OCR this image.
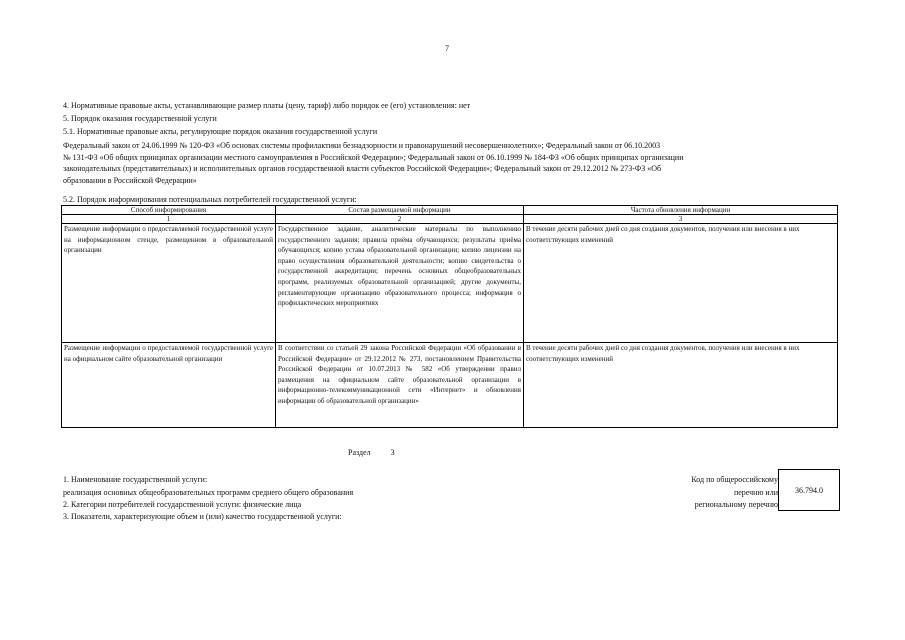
7
4. Нормативные правовые акты, устанавливающие размер платы (цену, тариф) либо порядок ее (его) установления: нет
5. Порядок оказания государственной услуги
5.1. Нормативные правовые акты, регулирующие порядок оказания государственной услуги
Федеральный закон от 24.06.1999 № 120-ФЗ «Об основах системы профилактики безнадзорности и правонарушений несовершеннолетних»; Федеральный закон от 06.10.2003
№ 131-ФЗ «Об общих принципах организации местного самоуправления в Российской Федерации»; Федеральный закон от 06.10.1999 № 184-ФЗ «Об общих принципах организации
законодательных (представительных) и исполнительных органов государственной власти субъектов Российской Федерации»; Федеральный закон от 29.12.2012 № 273-ФЗ «Об
образовании в Российской Федерации»
5.2. Порядок информирования потенциальных потребителей государственной услуги:
Способ информирования	Состав размещаемой информации	Частота обновления информации
1	2	3
Размещение информации о предоставляемой государственной услуге на информационном стенде, размещенном в образовательной организации	Государственное задание, аналитические материалы по выполнению государственного задания; правила приёма обучающихся; результаты приёма обучающихся; копию устава образовательной организации; копию лицензии на право осуществления образовательной деятельности; копию свидетельства о государственной аккредитации; перечень основных общеобразовательных программ, реализуемых образовательной организацией; другие документы, регламентирующие организацию образовательного процесса; информация о профилактических мероприятиях	В течение десяти рабочих дней со дня создания документов, получения или внесения в них соответствующих изменений
Размещение информации о предоставляемой государственной услуге на официальном сайте образовательной организации	В соответствии со статьей 29 закона Российской Федерации «Об образовании в Российской Федерации» от 29.12.2012 № 273, постановлением Правительства Российской Федерации от 10.07.2013 № 582 «Об утверждении правил размещения на официальном сайте образовательной организации в информационно-телекоммуникационной сети «Интернет» и обновления информации об образовательной организации»	В течение десяти рабочих дней со дня создания документов, получения или внесения в них соответствующих изменений
Раздел	3
1. Наименование государственной услуги:
реализация основных общеобразовательных программ среднего общего образования
2. Категории потребителей государственной услуги: физические лица
3. Показатели, характеризующие объем и (или) качество государственной услуги:
Код по общероссийскому
перечню или
региональному перечню
36.794.0
